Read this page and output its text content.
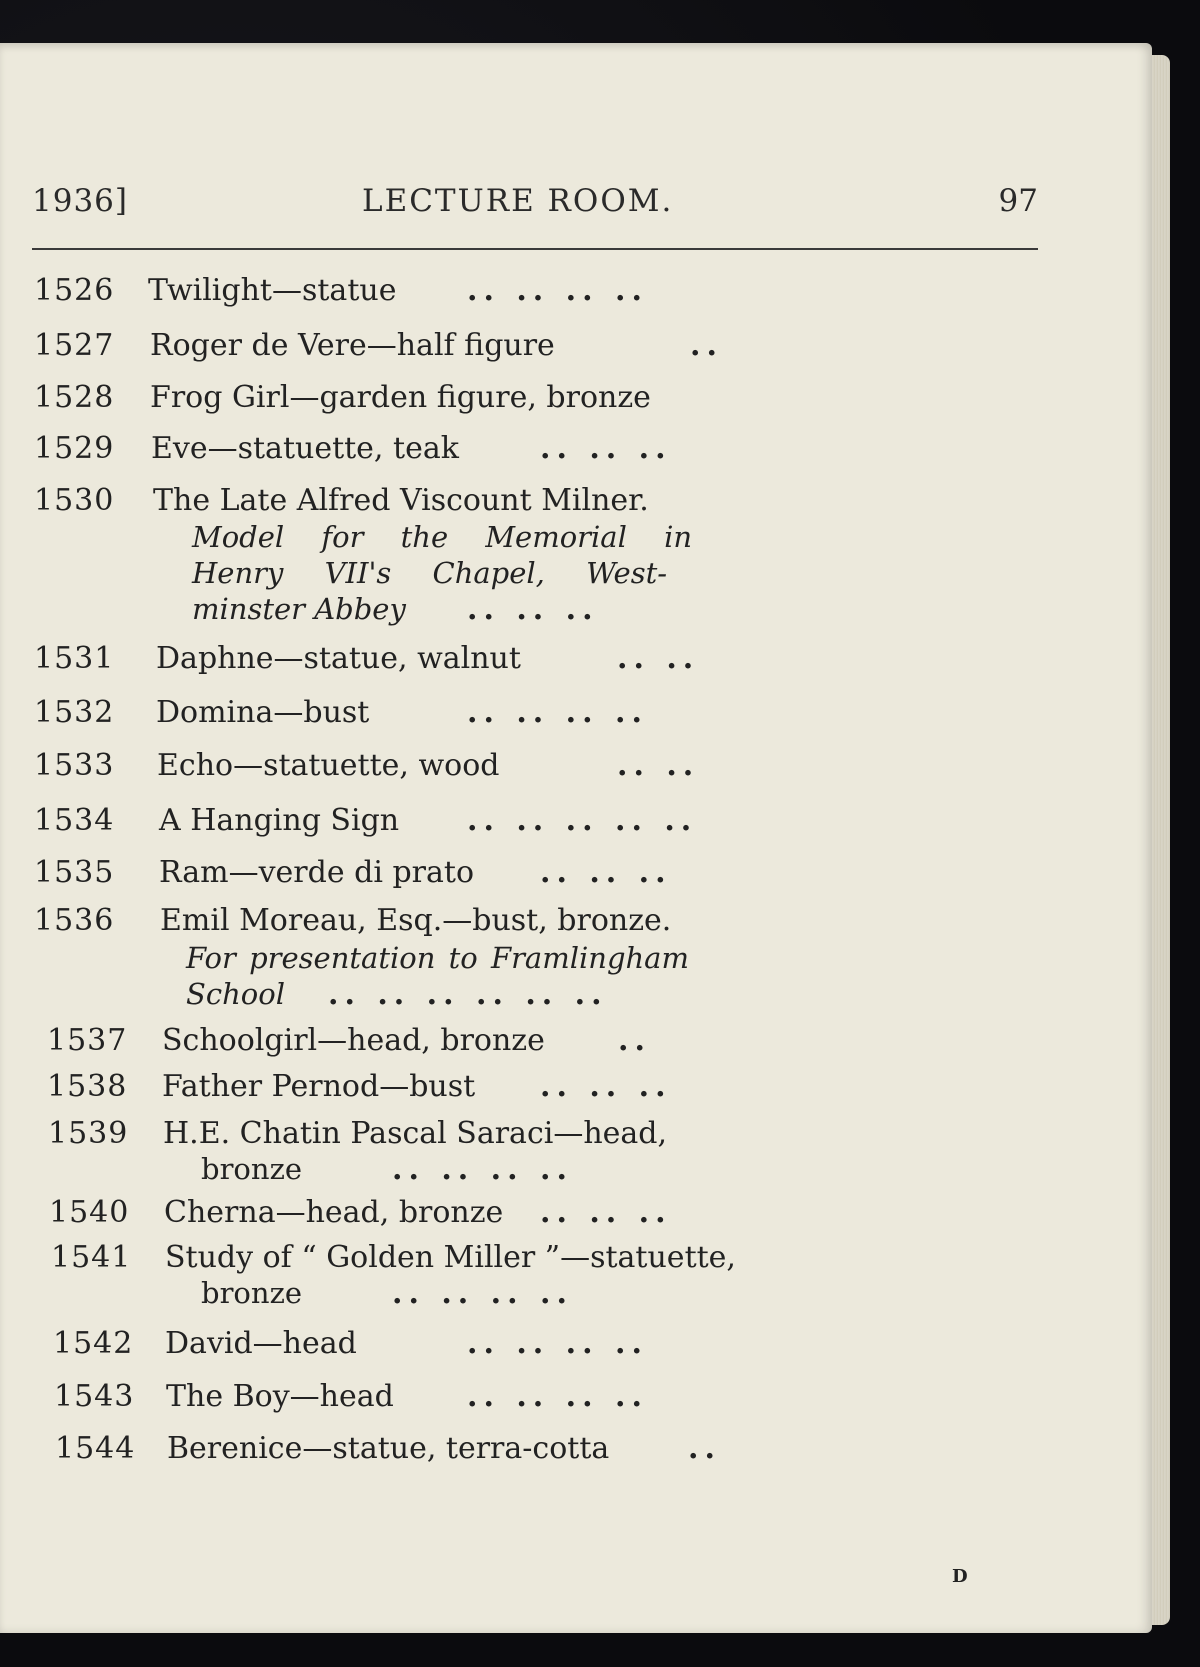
1936]	LECTURE ROOM.	97
1526 Twilight—statue .. .. .. ..
1527 Roger de Vere—half figure	..
1528 Frog Girl—garden figure, bronze
1529 Eve—statuette, teak	.. .. ..
1530 The Late Alfred Viscount Milner.
Model for the Memorial in
Henry VII's Chapel, West-
minster Abbey .. .. ..
1531 Daphne—statue, walnut	.. ..
1532 Domina—bust	.. .. .. ..
1533 Echo—statuette, wood	.. ..
1534 A Hanging Sign .. .. .. .. ..
1535 Ram—verde di prato .. .. ..
1536 Emil Moreau, Esq.—bust, bronze.
For presentation to Framlingham
School .. .. .. .. .. ..
1537 Schoolgirl—head, bronze ..
1538 Father Pernod—bust .. .. ..
1539 H.E. Chatin Pascal Saraci—head,
bronze	.. .. .. ..
1540 Cherna—head, bronze .. .. ..
1541 Study of “ Golden Miller ”—statuette,
bronze	.. .. .. ..
1542 David—head	.. .. .. ..
1543 The Boy—head .. .. .. ..
1544 Berenice—statue, terra-cotta	..
D
